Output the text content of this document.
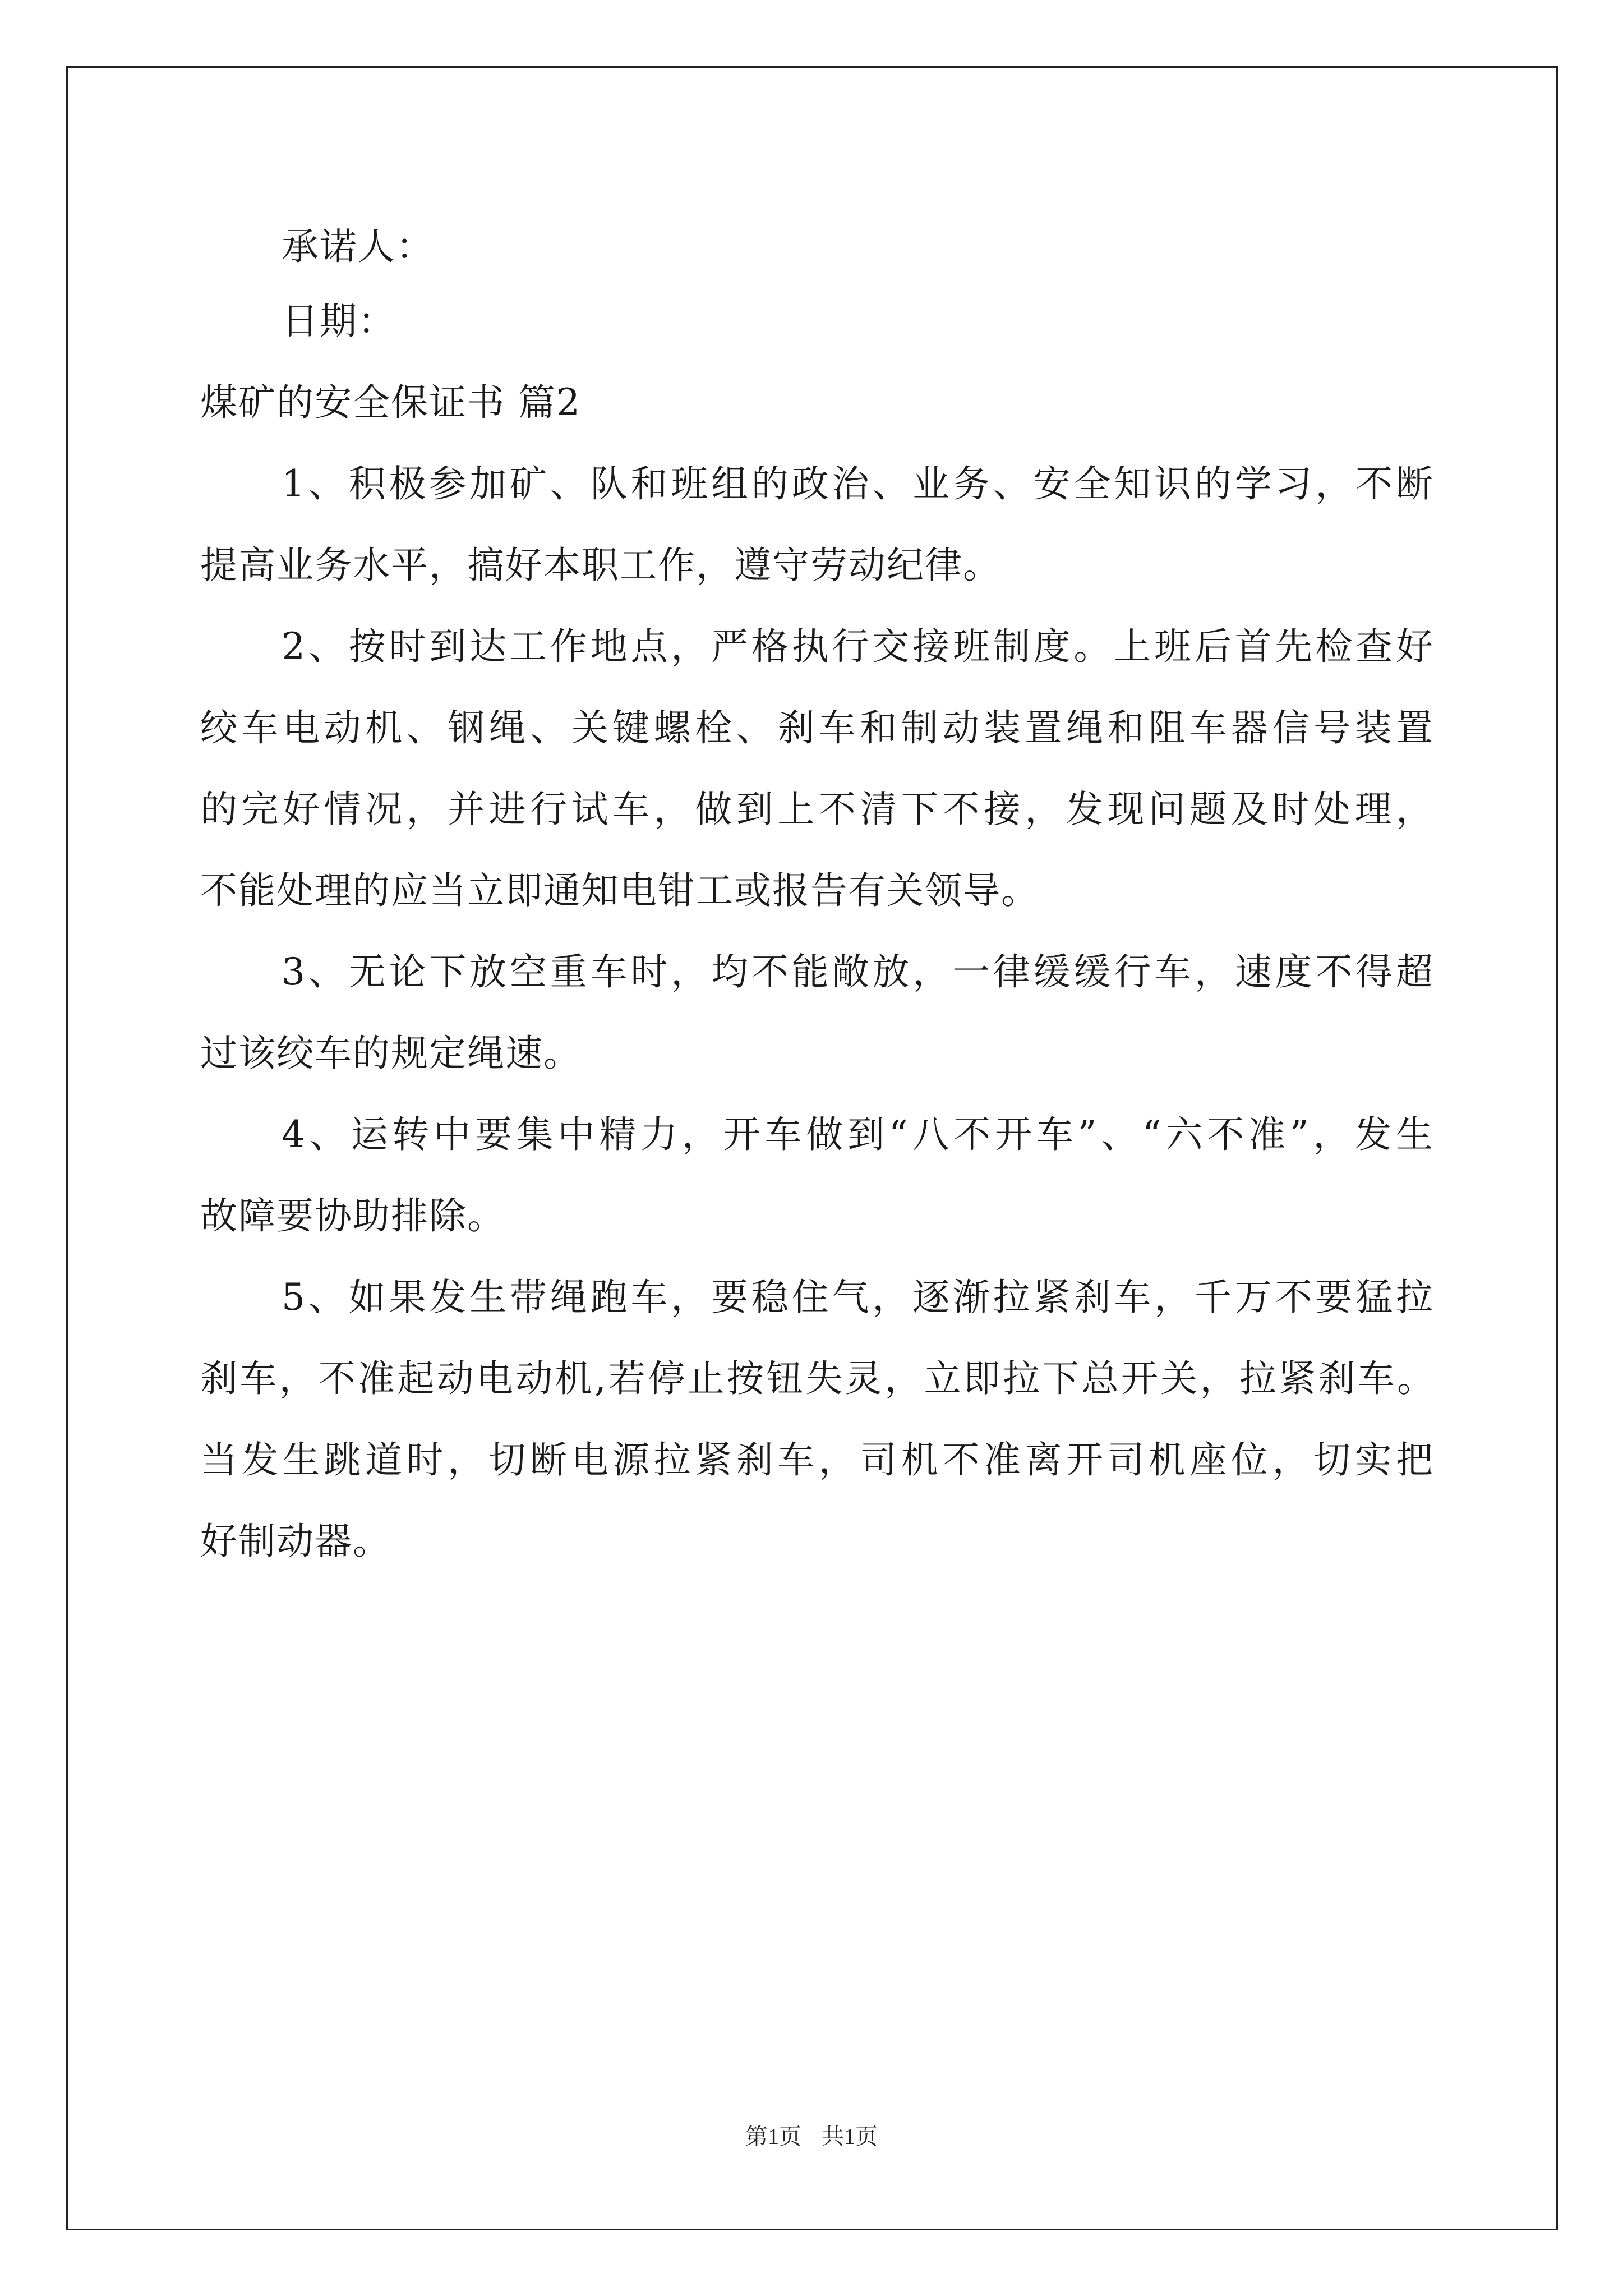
承诺人：
日期：
煤矿的安全保证书 篇2
1、积极参加矿、队和班组的政治、业务、安全知识的学习，不断
提高业务水平，搞好本职工作，遵守劳动纪律。
2、按时到达工作地点，严格执行交接班制度。上班后首先检查好
绞车电动机、钢绳、关键螺栓、刹车和制动装置绳和阻车器信号装置
的完好情况，并进行试车，做到上不清下不接，发现问题及时处理，
不能处理的应当立即通知电钳工或报告有关领导。
3、无论下放空重车时，均不能敞放，一律缓缓行车，速度不得超
过该绞车的规定绳速。
4、运转中要集中精力，开车做到“八不开车”、“六不准”，发生
故障要协助排除。
5、如果发生带绳跑车，要稳住气，逐渐拉紧刹车，千万不要猛拉
刹车，不准起动电动机,若停止按钮失灵，立即拉下总开关，拉紧刹车。
当发生跳道时，切断电源拉紧刹车，司机不准离开司机座位，切实把
好制动器。
第1页 共1页
